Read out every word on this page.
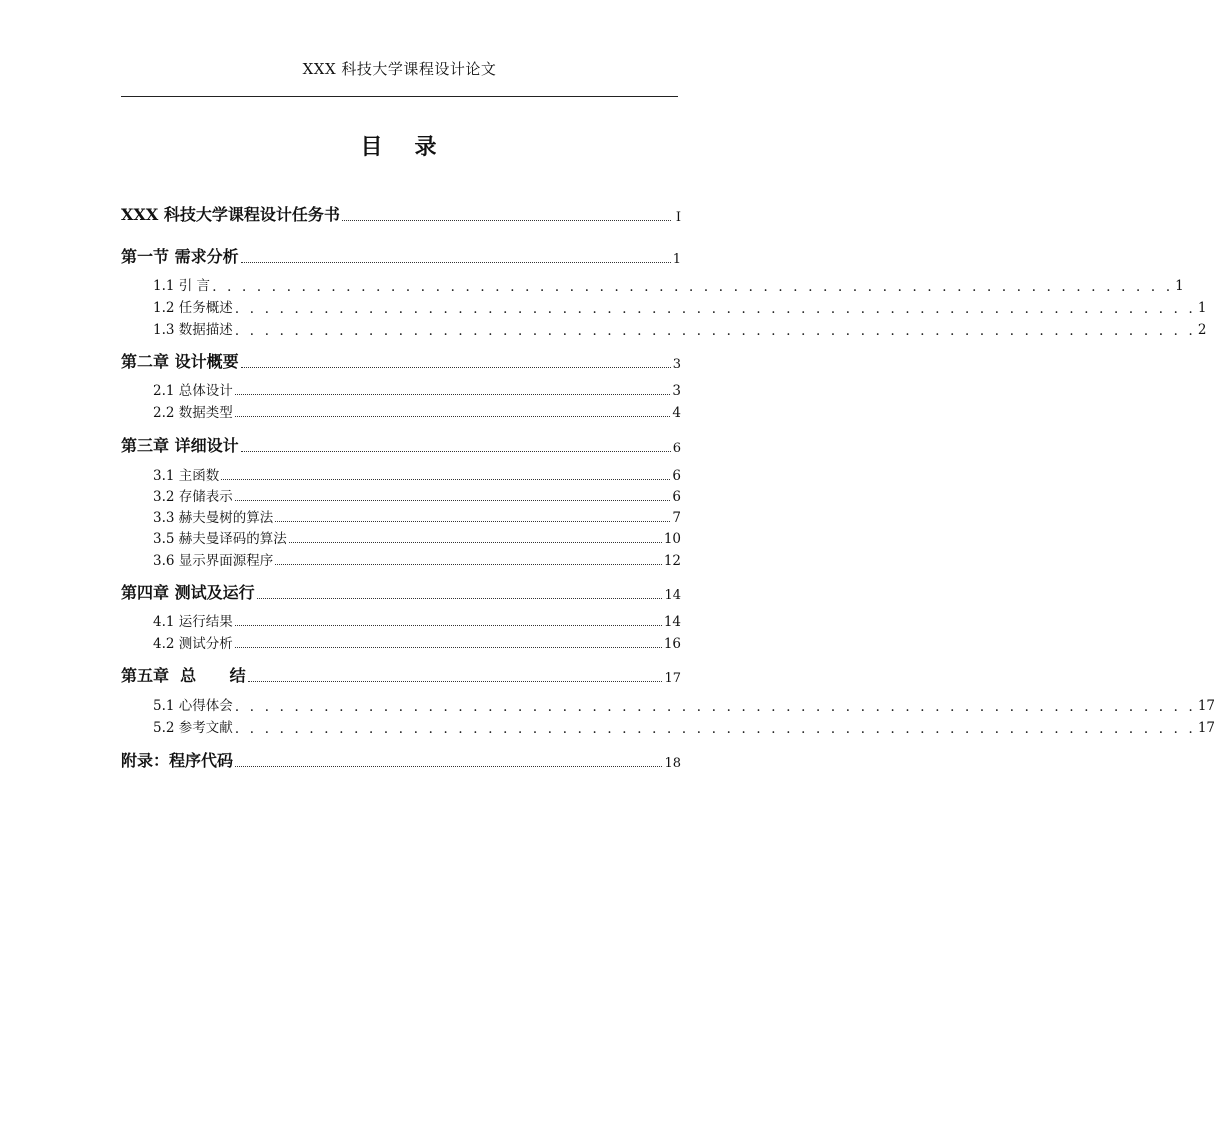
XXX 科技大学课程设计论文
目 录
XXX 科技大学课程设计任务书	I
第一节 需求分析	1
1.1 引 言 . . . . . . . . . . . . . . . . . . . . . . . . . . . . . . . . . . . . . . . . . . . . . . . . . . . . . . . . . . . . . . . . . 1
1.2 任务概述 . . . . . . . . . . . . . . . . . . . . . . . . . . . . . . . . . . . . . . . . . . . . . . . . . . . . . . . . . . . . . . . . . 1
1.3 数据描述 . . . . . . . . . . . . . . . . . . . . . . . . . . . . . . . . . . . . . . . . . . . . . . . . . . . . . . . . . . . . . . . . . 2
第二章 设计概要	3
2.1 总体设计	3
2.2 数据类型	4
第三章 详细设计	6
3.1 主函数	6
3.2 存储表示	6
3.3 赫夫曼树的算法	7
3.5 赫夫曼译码的算法	10
3.6 显示界面源程序	12
第四章 测试及运行	14
4.1 运行结果	14
4.2 测试分析	16
第五章  总      结	17
5.1 心得体会 . . . . . . . . . . . . . . . . . . . . . . . . . . . . . . . . . . . . . . . . . . . . . . . . . . . . . . . . . . . . . . . . . 17
5.2 参考文献 . . . . . . . . . . . . . . . . . . . . . . . . . . . . . . . . . . . . . . . . . . . . . . . . . . . . . . . . . . . . . . . . . 17
附录：程序代码	18
